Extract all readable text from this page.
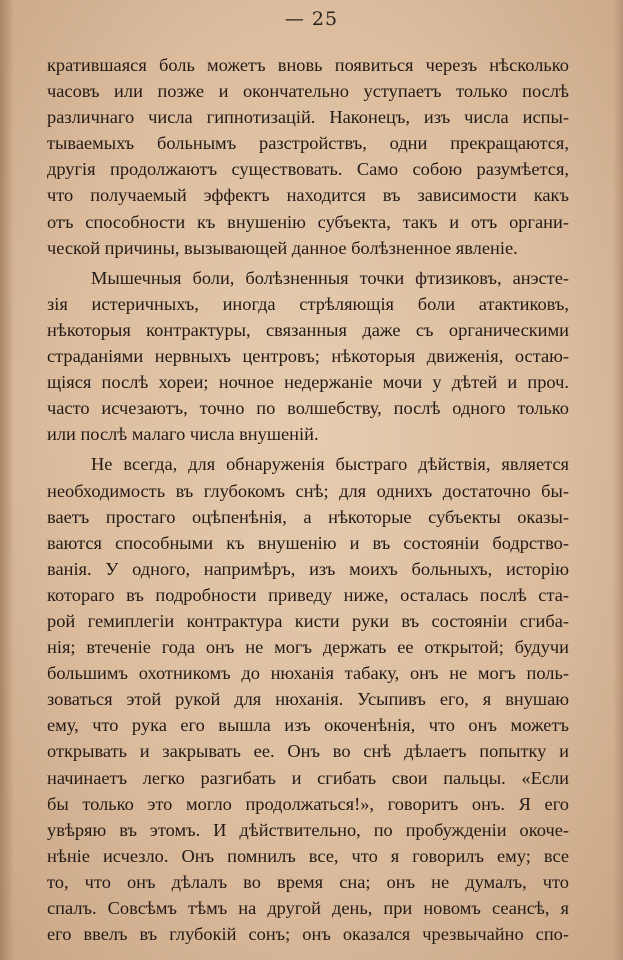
— 25
кратившаяся боль можетъ вновь появиться черезъ нѣсколько
часовъ или позже и окончательно уступаетъ только послѣ
различнаго числа гипнотизацій. Наконецъ, изъ числа испы-
тываемыхъ больнымъ разстройствъ, одни прекращаются,
другія продолжаютъ существовать. Само собою разумѣется,
что получаемый эффектъ находится въ зависимости какъ
отъ способности къ внушенію субъекта, такъ и отъ органи-
ческой причины, вызывающей данное болѣзненное явленіе.
Мышечныя боли, болѣзненныя точки фтизиковъ, анэсте-
зія истеричныхъ, иногда стрѣляющія боли атактиковъ,
нѣкоторыя контрактуры, связанныя даже съ органическими
страданіями нервныхъ центровъ; нѣкоторыя движенія, остаю-
щіяся послѣ хореи; ночное недержаніе мочи у дѣтей и проч.
часто исчезаютъ, точно по волшебству, послѣ одного только
или послѣ малаго числа внушеній.
Не всегда, для обнаруженія быстраго дѣйствія, является
необходимость въ глубокомъ снѣ; для однихъ достаточно бы-
ваетъ простаго оцѣпенѣнія, а нѣкоторые субъекты оказы-
ваются способными къ внушенію и въ состояніи бодрство-
ванія. У одного, напримѣръ, изъ моихъ больныхъ, исторію
котораго въ подробности приведу ниже, осталась послѣ ста-
рой гемиплегіи контрактура кисти руки въ состояніи сгиба-
нія; втеченіе года онъ не могъ держать ее открытой; будучи
большимъ охотникомъ до нюханія табаку, онъ не могъ поль-
зоваться этой рукой для нюханія. Усыпивъ его, я внушаю
ему, что рука его вышла изъ окоченѣнія, что онъ можетъ
открывать и закрывать ее. Онъ во снѣ дѣлаетъ попытку и
начинаетъ легко разгибать и сгибать свои пальцы. «Если
бы только это могло продолжаться!», говоритъ онъ. Я его
увѣряю въ этомъ. И дѣйствительно, по пробужденіи окоче-
нѣніе исчезло. Онъ помнилъ все, что я говорилъ ему; все
то, что онъ дѣлалъ во время сна; онъ не думалъ, что
спалъ. Совсѣмъ тѣмъ на другой день, при новомъ сеансѣ, я
его ввелъ въ глубокій сонъ; онъ оказался чрезвычайно спо-
